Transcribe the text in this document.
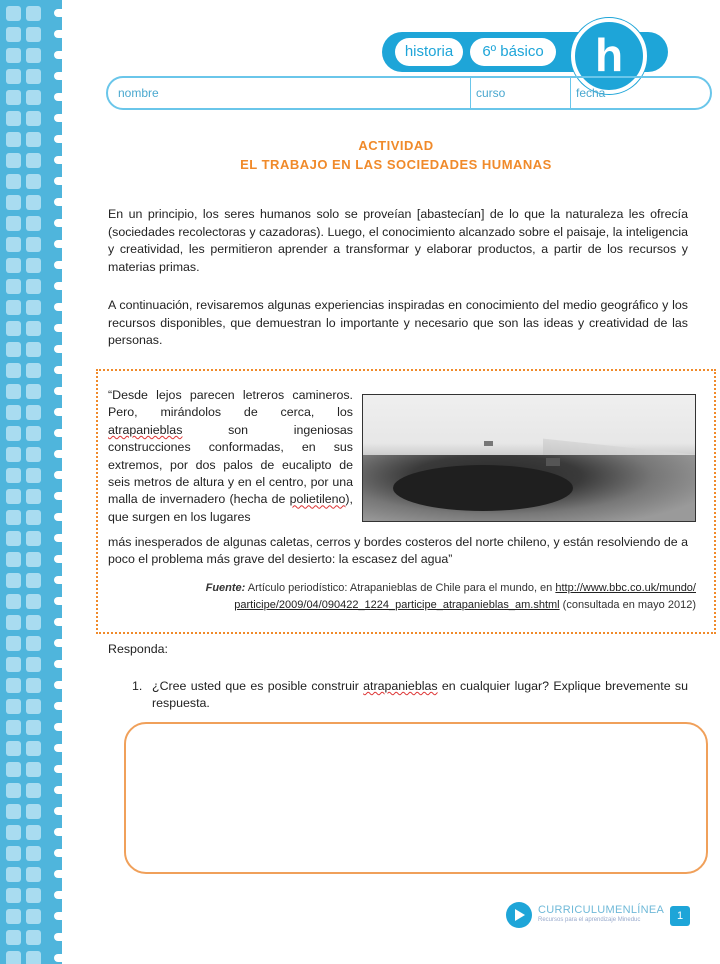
historia	6º básico	h
nombre	curso	fecha
ACTIVIDAD
EL TRABAJO EN LAS SOCIEDADES HUMANAS

En un principio, los seres humanos solo se proveían [abastecían] de lo que la naturaleza les ofrecía (sociedades recolectoras y cazadoras). Luego, el conocimiento alcanzado sobre el paisaje, la inteligencia y creatividad, les permitieron aprender a transformar y elaborar productos, a partir de los recursos y materias primas.

A continuación, revisaremos algunas experiencias inspiradas en conocimiento del medio geográfico y los recursos disponibles, que demuestran lo importante y necesario que son las ideas y creatividad de las personas.

“Desde lejos parecen letreros camineros. Pero, mirándolos de cerca, los atrapanieblas son ingeniosas construcciones conformadas, en sus extremos, por dos palos de eucalipto de seis metros de altura y en el centro, por una malla de invernadero (hecha de polietileno), que surgen en los lugares

más inesperados de algunas caletas, cerros y bordes costeros del norte chileno, y están resolviendo de a poco el problema más grave del desierto: la escasez del agua”

Fuente: Artículo periodístico: Atrapanieblas de Chile para el mundo, en http://www.bbc.co.uk/mundo/
participe/2009/04/090422_1224_participe_atrapanieblas_am.shtml (consultada en mayo 2012)
Responda:
1. ¿Cree usted que es posible construir atrapanieblas en cualquier lugar? Explique brevemente su respuesta.
CURRICULUMENLÍNEA
Recursos para el aprendizaje Mineduc	1
